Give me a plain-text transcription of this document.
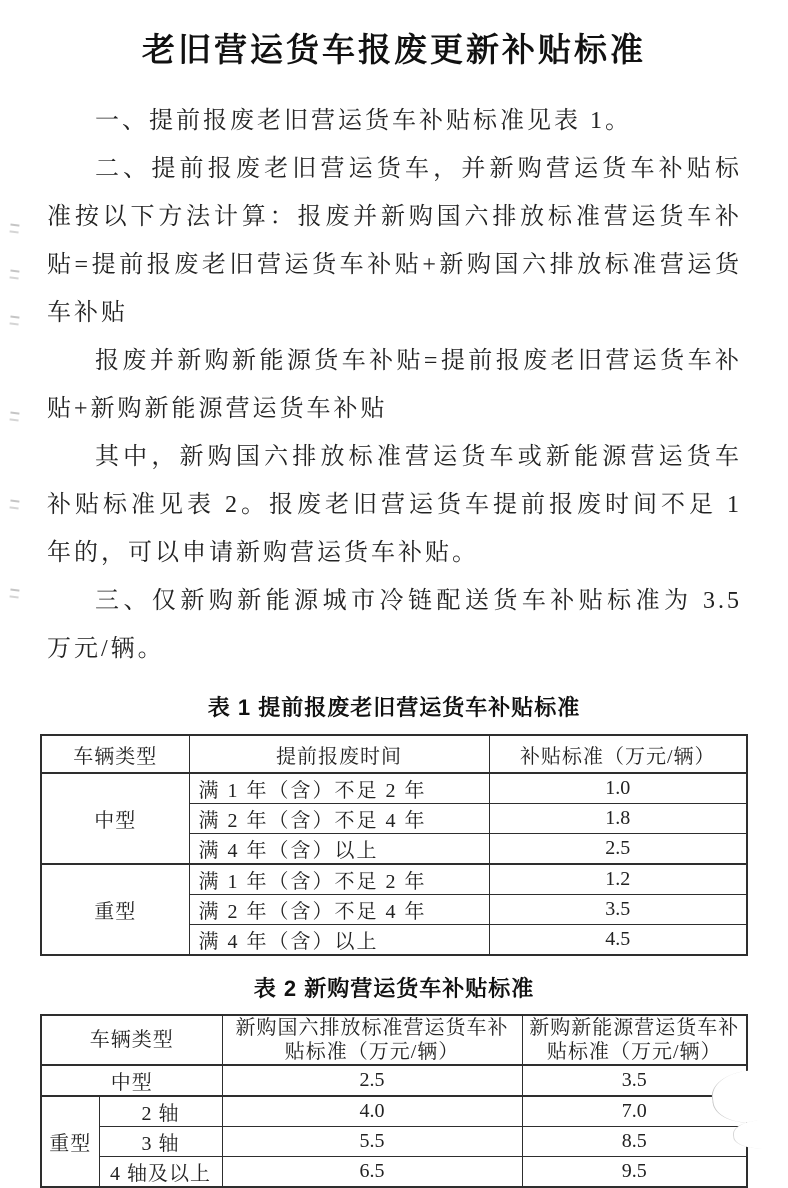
老旧营运货车报废更新补贴标准

一、提前报废老旧营运货车补贴标准见表 1。

二、提前报废老旧营运货车，并新购营运货车补贴标准按以下方法计算：报废并新购国六排放标准营运货车补贴=提前报废老旧营运货车补贴+新购国六排放标准营运货车补贴

报废并新购新能源货车补贴=提前报废老旧营运货车补贴+新购新能源营运货车补贴

其中，新购国六排放标准营运货车或新能源营运货车补贴标准见表 2。报废老旧营运货车提前报废时间不足 1 年的，可以申请新购营运货车补贴。

三、仅新购新能源城市冷链配送货车补贴标准为 3.5 万元/辆。

表 1 提前报废老旧营运货车补贴标准
车辆类型	提前报废时间	补贴标准（万元/辆）
中型	满 1 年（含）不足 2 年	1.0
	满 2 年（含）不足 4 年	1.8
	满 4 年（含）以上	2.5
重型	满 1 年（含）不足 2 年	1.2
	满 2 年（含）不足 4 年	3.5
	满 4 年（含）以上	4.5
表 2 新购营运货车补贴标准
车辆类型		新购国六排放标准营运货车补贴标准（万元/辆）	新购新能源营运货车补贴标准（万元/辆）
中型		2.5	3.5
重型	2 轴	4.0	7.0
	3 轴	5.5	8.5
	4 轴及以上	6.5	9.5
